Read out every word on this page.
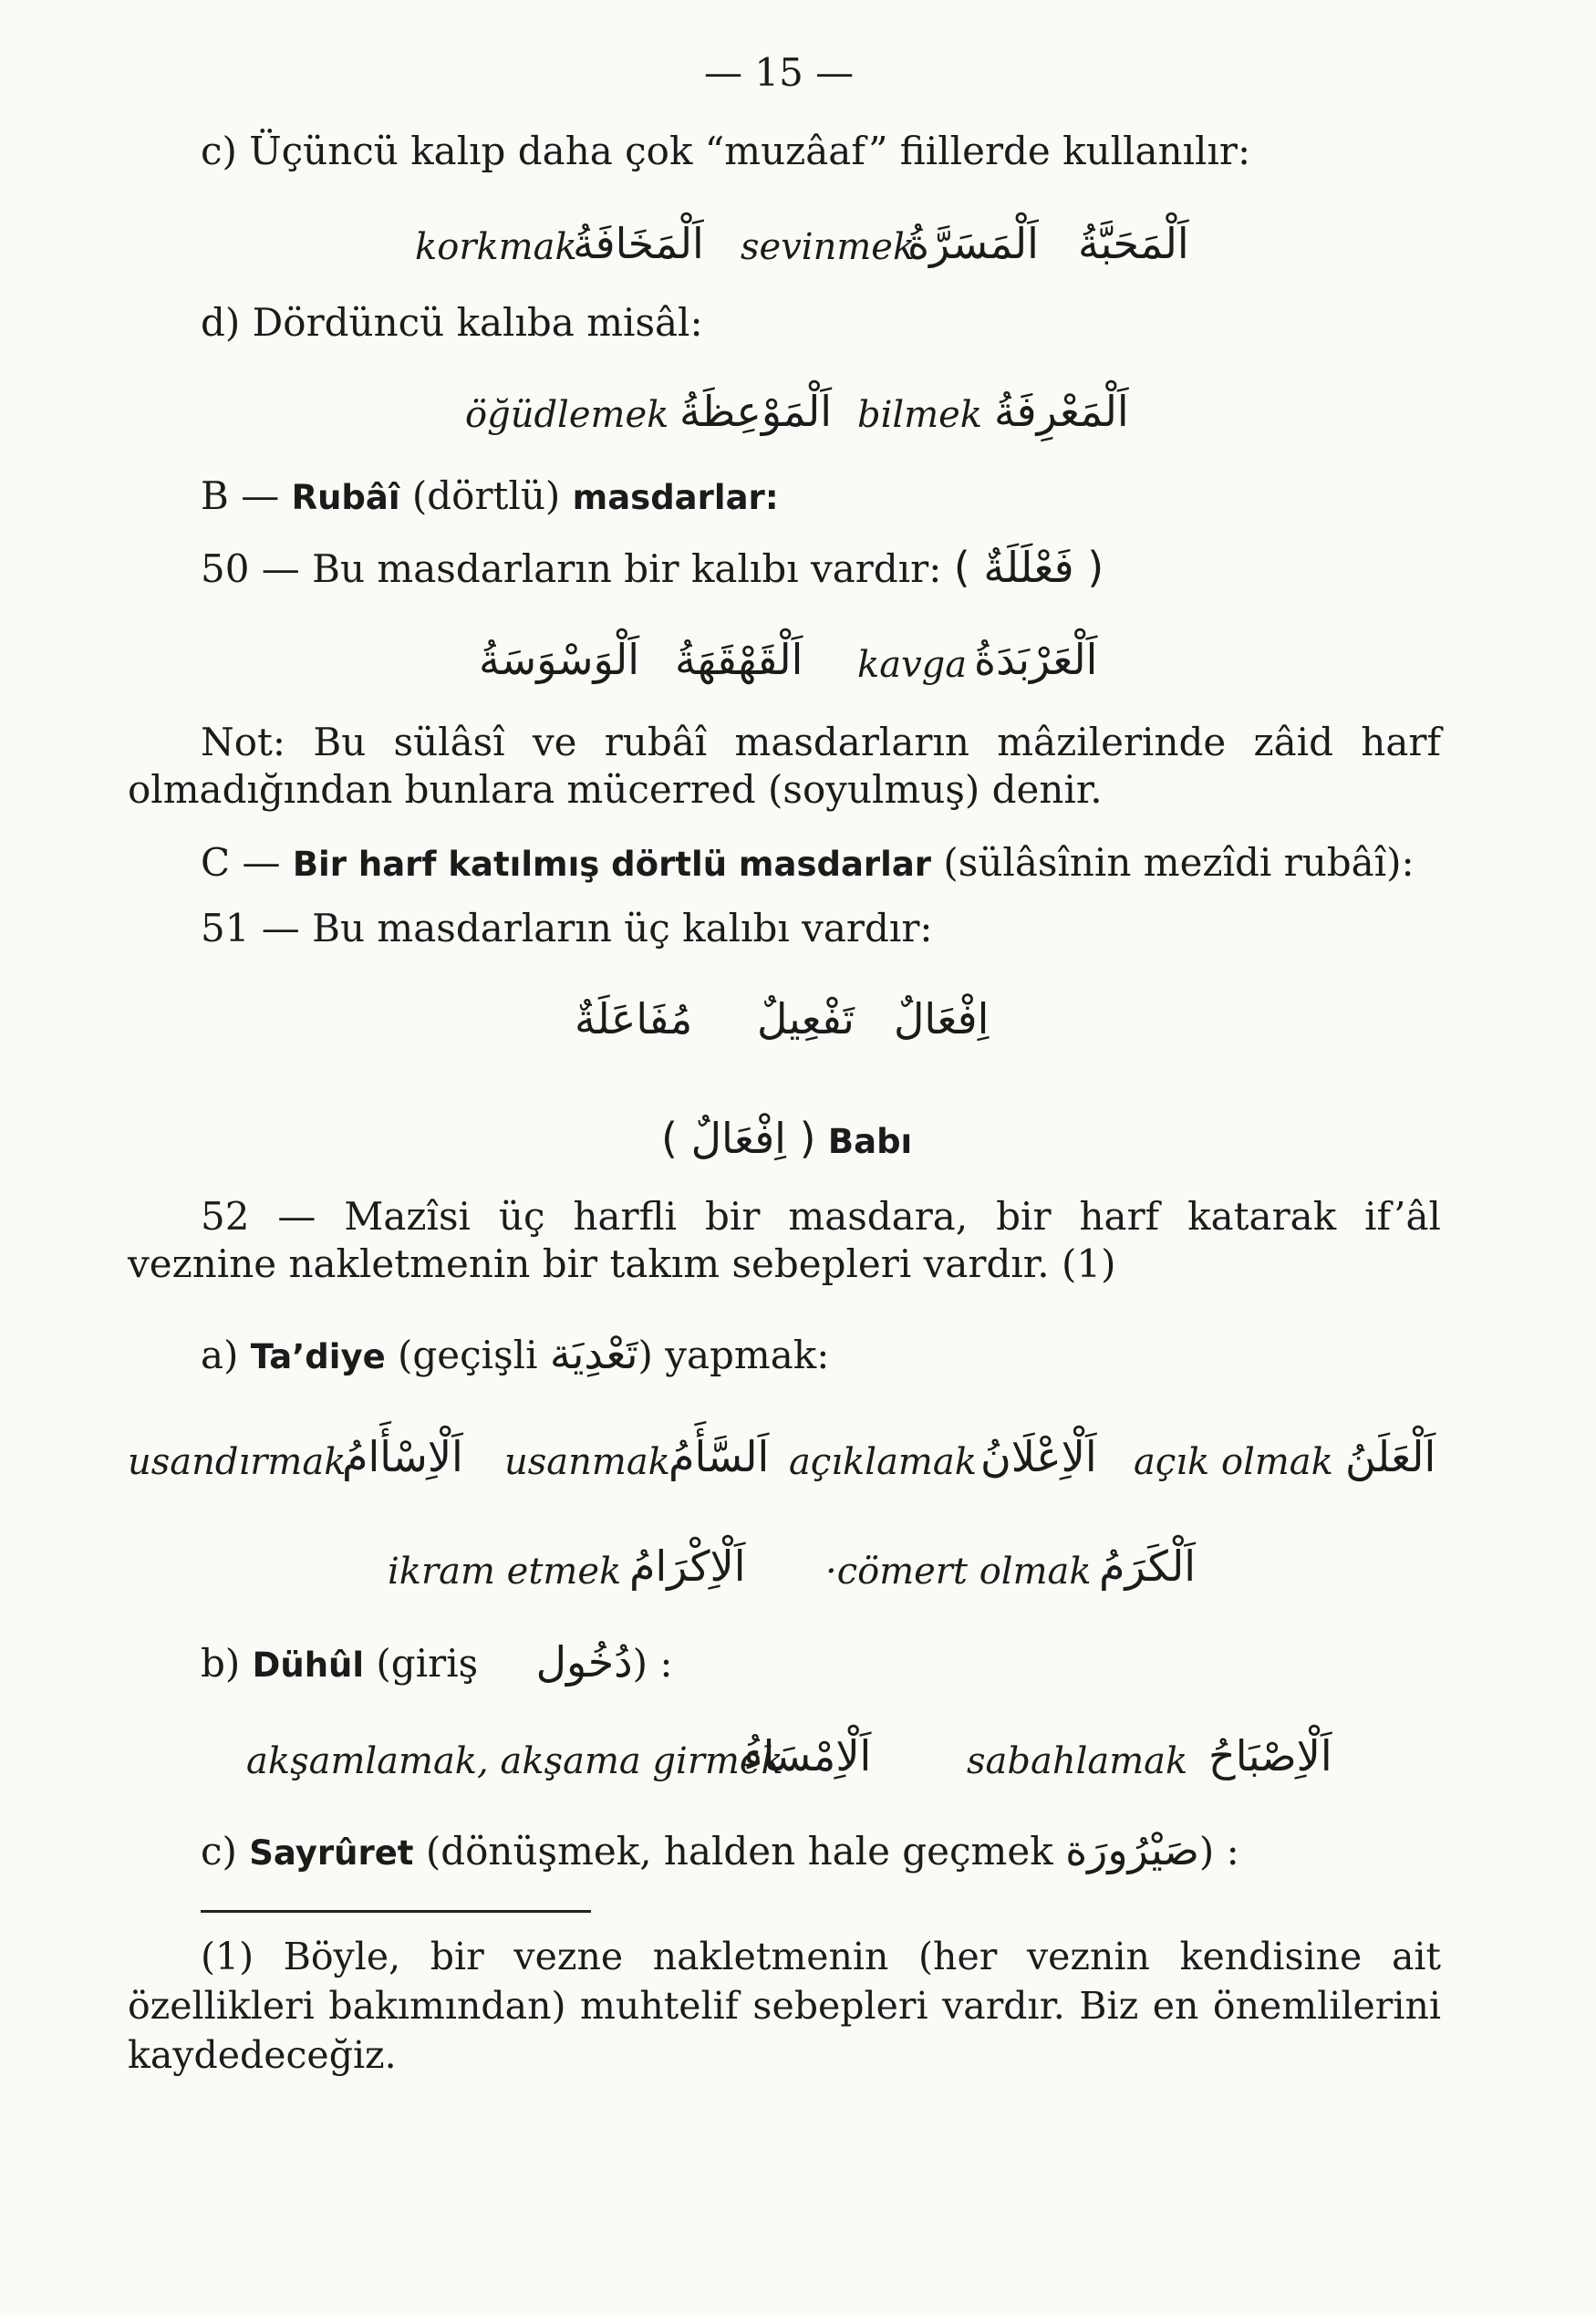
— 15 —
c) Üçüncü kalıp daha çok “muzâaf” fiillerde kullanılır:
korkmak
اَلْمَخَافَةُ sevinmek
اَلْمَسَرَّةُ اَلْمَحَبَّةُ
d) Dördüncü kalıba misâl:
öğüdlemek اَلْمَوْعِظَةُ bilmek اَلْمَعْرِفَةُ
B — Rubâî (dörtlü) masdarlar:
50 — Bu masdarların bir kalıbı vardır: ( فَعْلَلَةٌ )
اَلْوَسْوَسَةُ اَلْقَهْقَهَةُ kavga اَلْعَرْبَدَةُ
Not: Bu sülâsî ve rubâî masdarların mâzilerinde zâid harf olmadığından bunlara mücerred (soyulmuş) denir.
C — Bir harf katılmış dörtlü masdarlar (sülâsînin mezîdi rubâî):
51 — Bu masdarların üç kalıbı vardır:
اِفْعَالٌ
تَفْعِيلٌ
مُفَاعَلَةٌ
( اِفْعَالٌ ) Babı
52 — Mazîsi üç harfli bir masdara, bir harf katarak if’âl veznine nakletmenin bir takım sebepleri vardır. (1)
a) Ta’diye (geçişli تَعْدِيَة) yapmak:
usandırmak
اَلْاِسْأَامُ usanmak
اَلسَّأَمُ açıklamak اَلْاِعْلَانُ açık olmak اَلْعَلَنُ
ikram etmek اَلْاِكْرَامُ ·cömert olmak اَلْكَرَمُ
b) Dühûl (giriş دُخُول) :
akşamlamak, akşama girmek
اَلْاِمْسَاءُ	sabahlamak اَلْاِصْبَاحُ
c) Sayrûret (dönüşmek, halden hale geçmek صَيْرُورَة) :
(1) Böyle, bir vezne nakletmenin (her veznin kendisine ait özellikleri bakımından) muhtelif sebepleri vardır. Biz en önemlilerini kaydedeceğiz.
